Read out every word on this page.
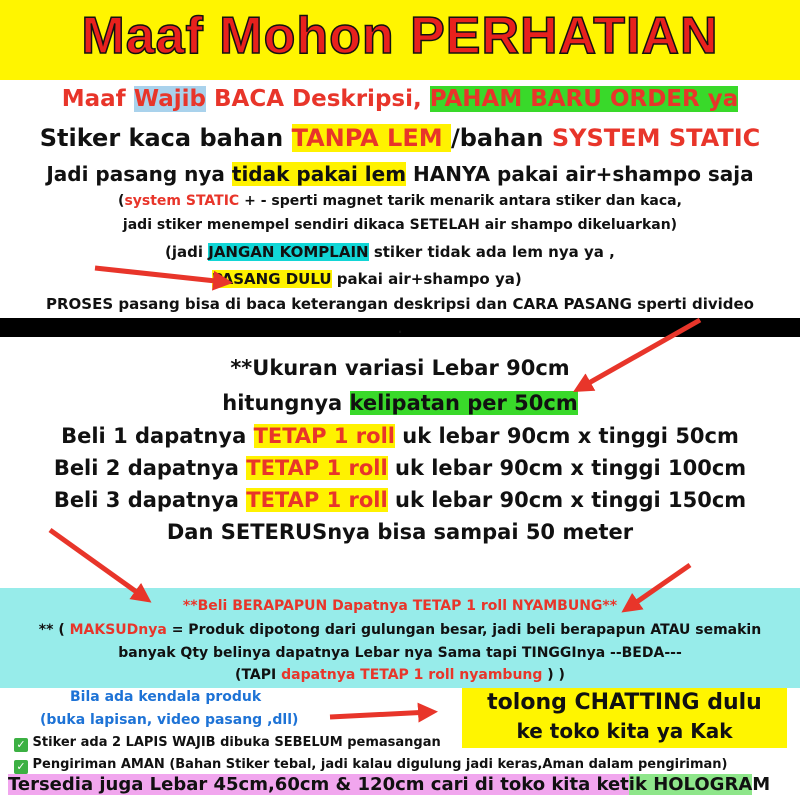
Maaf Mohon PERHATIAN
Maaf Wajib BACA Deskripsi, PAHAM BARU ORDER ya
Stiker kaca bahan TANPA LEM /bahan SYSTEM STATIC
Jadi pasang nya tidak pakai lem HANYA pakai air+shampo saja
(system STATIC + - sperti magnet tarik menarik antara stiker dan kaca,
jadi stiker menempel sendiri dikaca SETELAH air shampo dikeluarkan)
(jadi JANGAN KOMPLAIN stiker tidak ada lem nya ya ,
PASANG DULU pakai air+shampo ya)
PROSES pasang bisa di baca keterangan deskripsi dan CARA PASANG sperti divideo
.
**Ukuran variasi Lebar 90cm
hitungnya kelipatan per 50cm
Beli 1 dapatnya TETAP 1 roll uk lebar 90cm x tinggi 50cm
Beli 2 dapatnya TETAP 1 roll uk lebar 90cm x tinggi 100cm
Beli 3 dapatnya TETAP 1 roll uk lebar 90cm x tinggi 150cm
Dan SETERUSnya bisa sampai 50 meter
**Beli BERAPAPUN Dapatnya TETAP 1 roll NYAMBUNG**
** ( MAKSUDnya = Produk dipotong dari gulungan besar, jadi beli berapapun ATAU semakin
banyak Qty belinya dapatnya Lebar nya Sama tapi TINGGInya --BEDA---
(TAPI dapatnya TETAP 1 roll nyambung ) )
Bila ada kendala produk
(buka lapisan, video pasang ,dll)
tolong CHATTING dulu
ke toko kita ya Kak
✓ Stiker ada 2 LAPIS WAJIB dibuka SEBELUM pemasangan
✓ Pengiriman AMAN (Bahan Stiker tebal, jadi kalau digulung jadi keras,Aman dalam pengiriman)
Tersedia juga Lebar 45cm,60cm & 120cm cari di toko kita ketik HOLOGRAM
